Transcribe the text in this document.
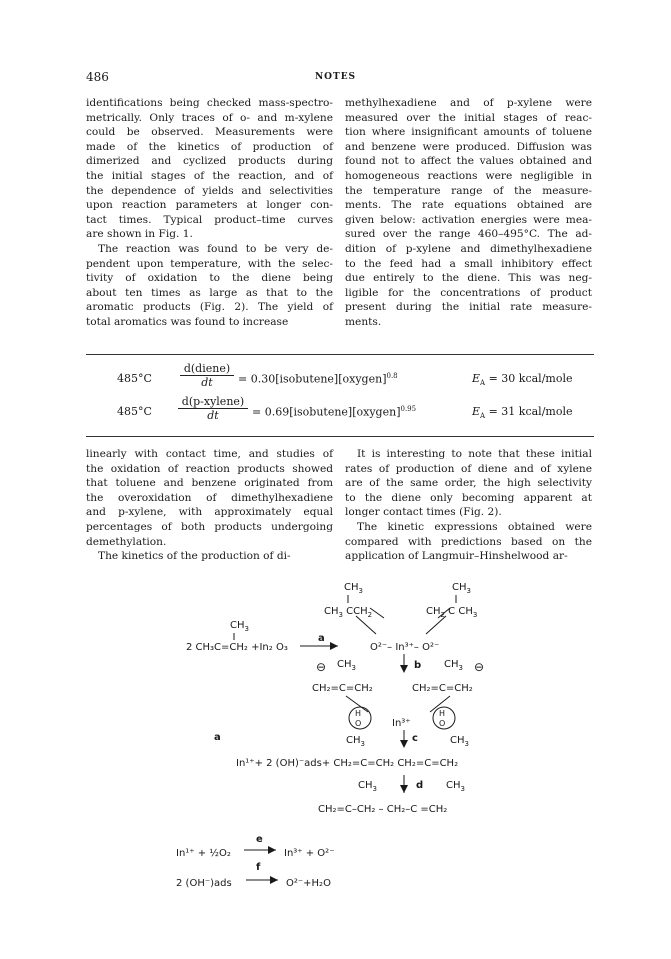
486	NOTES
identifications being checked mass-spectro-
metrically. Only traces of o- and m-xylene
could be observed. Measurements were
made of the kinetics of production of
dimerized and cyclized products during
the initial stages of the reaction, and of
the dependence of yields and selectivities
upon reaction parameters at longer con-
tact times. Typical product–time curves
are shown in Fig. 1.
The reaction was found to be very de-
pendent upon temperature, with the selec-
tivity of oxidation to the diene being
about ten times as large as that to the
aromatic products (Fig. 2). The yield of
total aromatics was found to increase
methylhexadiene and of p-xylene were
measured over the initial stages of reac-
tion where insignificant amounts of toluene
and benzene were produced. Diffusion was
found not to affect the values obtained and
homogeneous reactions were negligible in
the temperature range of the measure-
ments. The rate equations obtained are
given below: activation energies were mea-
sured over the range 460–495°C. The ad-
dition of p-xylene and dimethylhexadiene
to the feed had a small inhibitory effect
due entirely to the diene. This was neg-
ligible for the concentrations of product
present during the initial rate measure-
ments.
485°C
d(diene)
dt	= 0.30[isobutene][oxygen]$^{0.8}$	$E_A = 30$ kcal/mole
485°C
d(p-xylene)
dt	= 0.69[isobutene][oxygen]$^{0.95}$	$E_A = 31$ kcal/mole
linearly with contact time, and studies of
the oxidation of reaction products showed
that toluene and benzene originated from
the overoxidation of dimethylhexadiene
and p-xylene, with approximately equal
percentages of both products undergoing
demethylation.
The kinetics of the production of di-
It is interesting to note that these initial
rates of production of diene and of xylene
are of the same order, the high selectivity
to the diene only becoming apparent at
longer contact times (Fig. 2).
The kinetic expressions obtained were
compared with predictions based on the
application of Langmuir–Hinshelwood ar-
$CH_3$	$CH_3$
$CH_3$ $CCH_2$	$CH_2$ C $CH_3$
$CH_3$
2 CH₃C=CH₂ +In₂ O₃
a
O²⁻– In³⁺– O²⁻
⊖ $CH_3$	$CH_3$ ⊖
b
CH₂=C=CH₂	CH₂=C=CH₂
H
O
H
O
In³⁺
a	$CH_3$	$CH_3$
c
In¹⁺+ 2 (OH)⁻ads+ CH₂=C=CH₂ CH₂=C=CH₂
$CH_3$	$CH_3$
d
CH₂=C–CH₂ – CH₂–C =CH₂
In¹⁺ + ½O₂
e
In³⁺ + O²⁻
f
2 (OH⁻)ads	O²⁻+H₂O
